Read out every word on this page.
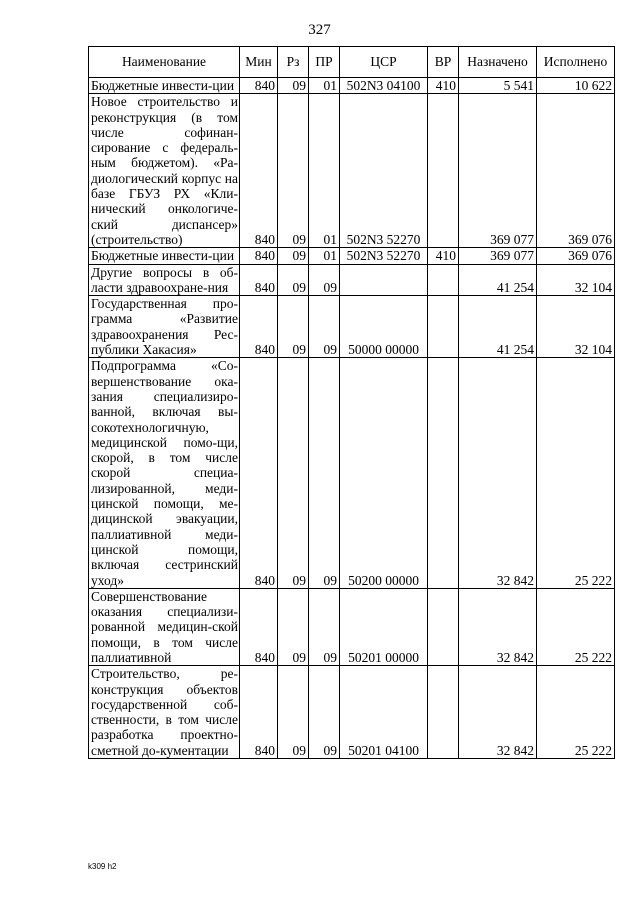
327
Наименование	Мин	Рз	ПР	ЦСР	ВР	Назначено	Исполнено
Бюджетные инвести-ции	840	09	01	502N3 04100	410	5 541	10 622
Новое строительство и реконструкция (в том числе софинан-сирование с федераль-ным бюджетом). «Ра-диологический корпус на базе ГБУЗ РХ «Кли-нический онкологиче-ский диспансер» (строительство)	840	09	01	502N3 52270		369 077	369 076
Бюджетные инвести-ции	840	09	01	502N3 52270	410	369 077	369 076
Другие вопросы в об-ласти здравоохране-ния	840	09	09			41 254	32 104
Государственная про-грамма «Развитие здравоохранения Рес-публики Хакасия»	840	09	09	50000 00000		41 254	32 104
Подпрограмма «Со-вершенствование ока-зания специализиро-ванной, включая вы-сокотехнологичную, медицинской помо-щи, скорой, в том числе скорой специа-лизированной, меди-цинской помощи, ме-дицинской эвакуации, паллиативной меди-цинской помощи, включая сестринский уход»	840	09	09	50200 00000		32 842	25 222
Совершенствование оказания специализи-рованной медицин-ской помощи, в том числе паллиативной	840	09	09	50201 00000		32 842	25 222
Строительство, ре-конструкция объектов государственной соб-ственности, в том числе разработка проектно-сметной до-кументации	840	09	09	50201 04100		32 842	25 222
k309 h2
